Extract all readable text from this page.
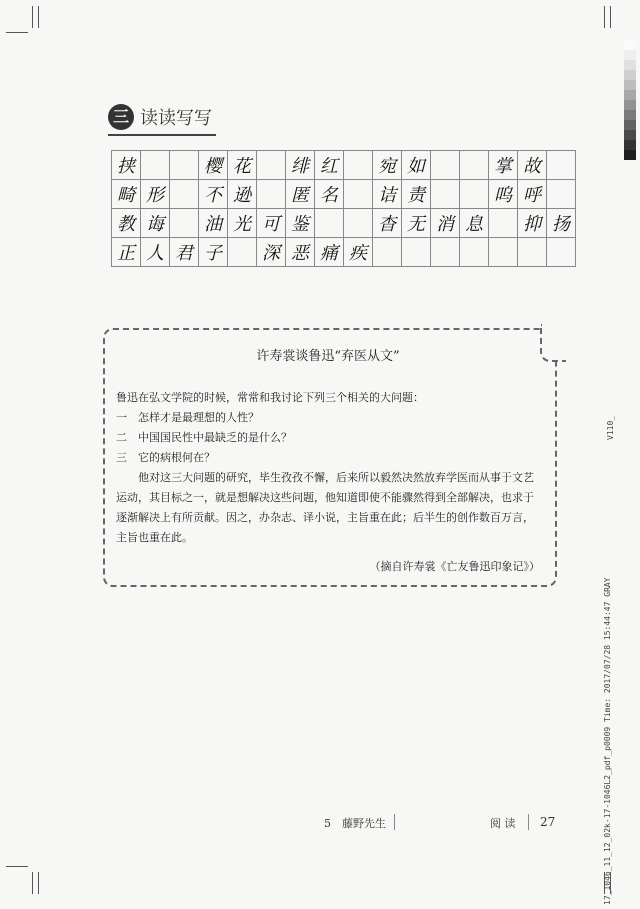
三 读读写写
挟			樱	花		绯	红		宛	如			掌	故	
畸	形		不	逊		匿	名		诘	责			呜	呼	
教	诲		油	光	可	鉴			杳	无	消	息		抑	扬
正	人	君	子		深	恶	痛	疾							
许寿裳谈鲁迅“弃医从文”
鲁迅在弘文学院的时候，常常和我讨论下列三个相关的大问题：
一　怎样才是最理想的人性？
二　中国国民性中最缺乏的是什么？
三　它的病根何在？
他对这三大问题的研究，毕生孜孜不懈，后来所以毅然决然放弃学医而从事于文艺运动，其目标之一，就是想解决这些问题，他知道即使不能骤然得到全部解决，也求于逐渐解决上有所贡献。因之，办杂志、译小说，主旨重在此；后半生的创作数百万言，主旨也重在此。
（摘自许寿裳《亡友鲁迅印象记》）
V110_
17_1046_11_12_02k-17-1046L2_pdf_p0009 Time: 2017/07/28 15:44:47 GRAY
5　藤野先生	阅 读 27
